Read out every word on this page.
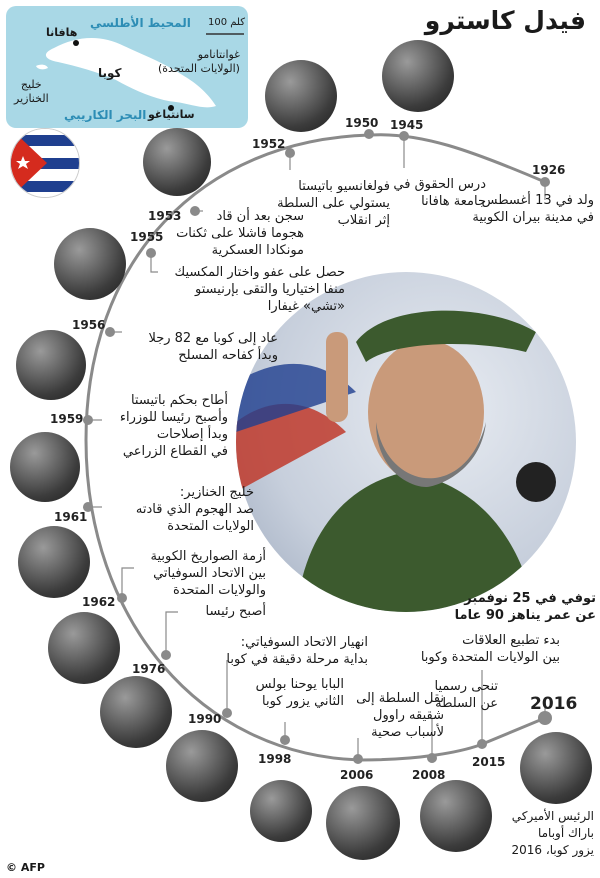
فيدل كاسترو
100 كلم
المحيط الأطلسي
هافانا
غوانتانامو
(الولايات المتحدة)
كوبا
خليج
الخنازير
سانتياغو
البحر الكاريبي
1926
ولد في 13 أغسطس
في مدينة بيران الكوبية
1945
درس الحقوق في
جامعة هافانا
1950
1952
فولغانسيو باتيستا
يستولي على السلطة
إثر انقلاب
1953	سجن بعد أن قاد
هجوما فاشلا على ثكنات
مونكادا العسكرية
1955
حصل على عفو واختار المكسيك
منفا اختياريا والتقى بإرنيستو
«تشي» غيفارا
1956
عاد إلى كوبا مع 82 رجلا
وبدأ كفاحه المسلح
1959
أطاح بحكم باتيستا
وأصبح رئيسا للوزراء
وبدأ إصلاحات
في القطاع الزراعي
1961
خليج الخنازير:
صد الهجوم الذي قادته
الولايات المتحدة
1962
أزمة الصواريخ الكوبية
بين الاتحاد السوفياتي
والولايات المتحدة
1976
أصبح رئيسا
1990
انهيار الاتحاد السوفياتي:
بداية مرحلة دقيقة في كوبا
1998
البابا يوحنا بولس
الثاني يزور كوبا
2006
نقل السلطة إلى
شقيقه راوول
لأسباب صحية
2008
تنحى رسميا
عن السلطة
2015
بدء تطبيع العلاقات
بين الولايات المتحدة وكوبا
2016
توفي في 25 نوفمبر
عن عمر يناهز 90 عاما
الرئيس الأميركي
باراك أوباما
يزور كوبا، 2016
© AFP
